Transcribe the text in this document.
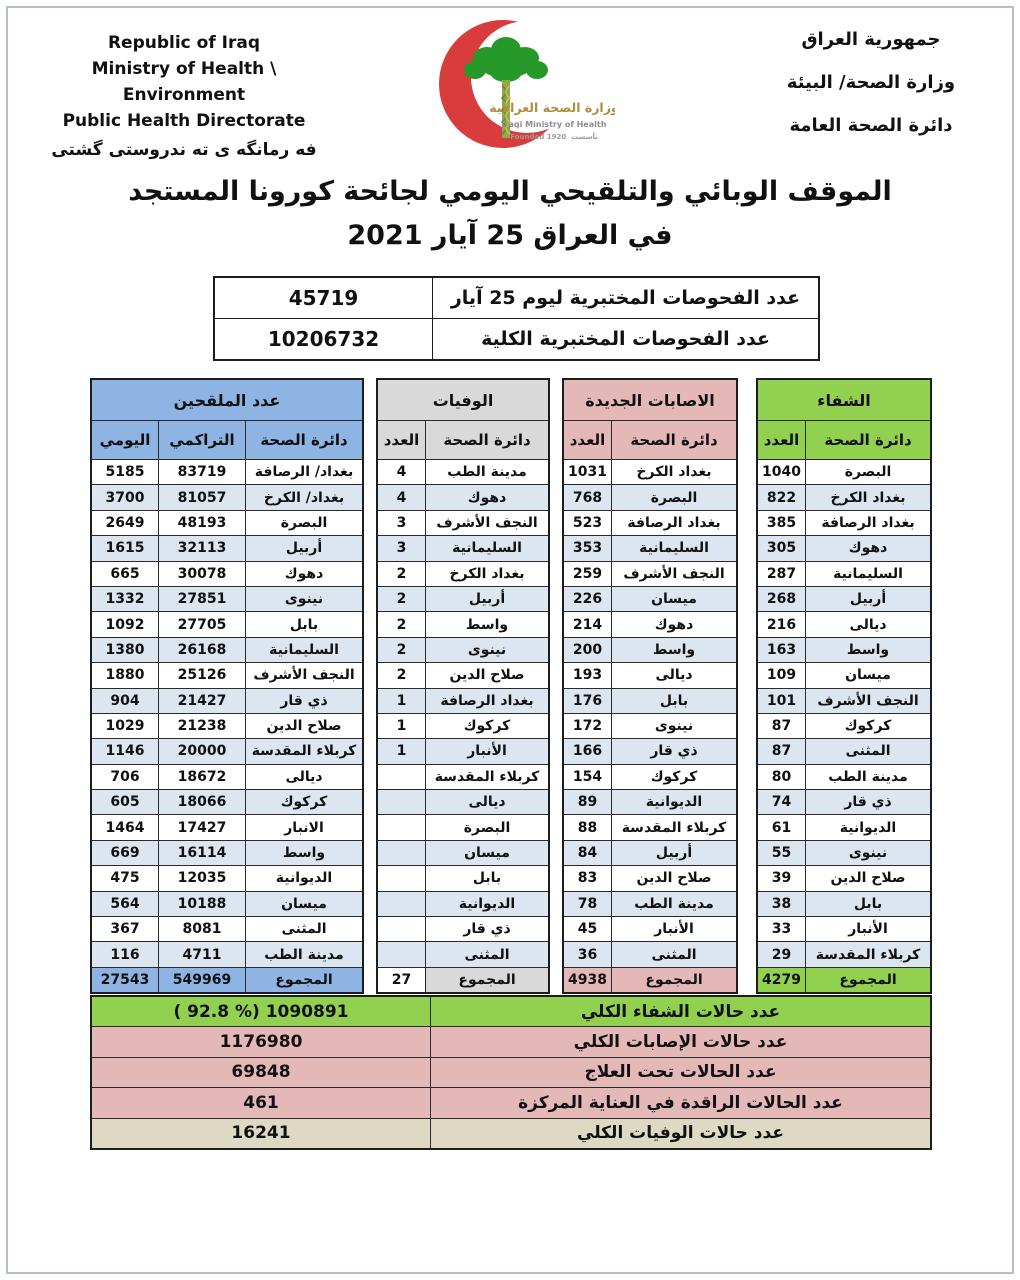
Republic of Iraq
Ministry of Health \ Environment
Public Health Directorate
فه رمانگه ی ته ندروستی گشتی
وزارة الصحة العراقية
Iraqi Ministry of Health
Founded 1920  تأسست
جمهورية العراق
وزارة الصحة/ البيئة
دائرة الصحة العامة
الموقف الوبائي والتلقيحي اليومي لجائحة كورونا المستجد
في العراق 25 آيار 2021
45719	عدد الفحوصات المختبرية ليوم 25 آيار
10206732	عدد الفحوصات المختبرية الكلية
عدد الملقحين
دائرة الصحة
التراكمي
اليومي
بغداد/ الرصافة
83719
5185
بغداد/ الكرخ
81057
3700
البصرة
48193
2649
أربيل
32113
1615
دهوك
30078
665
نينوى
27851
1332
بابل
27705
1092
السليمانية
26168
1380
النجف الأشرف
25126
1880
ذي قار
21427
904
صلاح الدين
21238
1029
كربلاء المقدسة
20000
1146
ديالى
18672
706
كركوك
18066
605
الانبار
17427
1464
واسط
16114
669
الديوانية
12035
475
ميسان
10188
564
المثنى
8081
367
مدينة الطب
4711
116
المجموع
549969
27543
الوفيات
دائرة الصحة
العدد
مدينة الطب
4
دهوك
4
النجف الأشرف
3
السليمانية
3
بغداد الكرخ
2
أربيل
2
واسط
2
نينوى
2
صلاح الدين
2
بغداد الرصافة
1
كركوك
1
الأنبار
1
كربلاء المقدسة
ديالى
البصرة
ميسان
بابل
الديوانية
ذي قار
المثنى
المجموع
27
الاصابات الجديدة
دائرة الصحة
العدد
بغداد الكرخ
1031
البصرة
768
بغداد الرصافة
523
السليمانية
353
النجف الأشرف
259
ميسان
226
دهوك
214
واسط
200
ديالى
193
بابل
176
نينوى
172
ذي قار
166
كركوك
154
الديوانية
89
كربلاء المقدسة
88
أربيل
84
صلاح الدين
83
مدينة الطب
78
الأنبار
45
المثنى
36
المجموع
4938
الشفاء
دائرة الصحة
العدد
البصرة
1040
بغداد الكرخ
822
بغداد الرصافة
385
دهوك
305
السليمانية
287
أربيل
268
ديالى
216
واسط
163
ميسان
109
النجف الأشرف
101
كركوك
87
المثنى
87
مدينة الطب
80
ذي قار
74
الديوانية
61
نينوى
55
صلاح الدين
39
بابل
38
الأنبار
33
كربلاء المقدسة
29
المجموع
4279
عدد حالات الشفاء الكلي
( 92.8 %) 1090891
عدد حالات الإصابات الكلي
1176980
عدد الحالات تحت العلاج
69848
عدد الحالات الراقدة في العناية المركزة
461
عدد حالات الوفيات الكلي
16241
